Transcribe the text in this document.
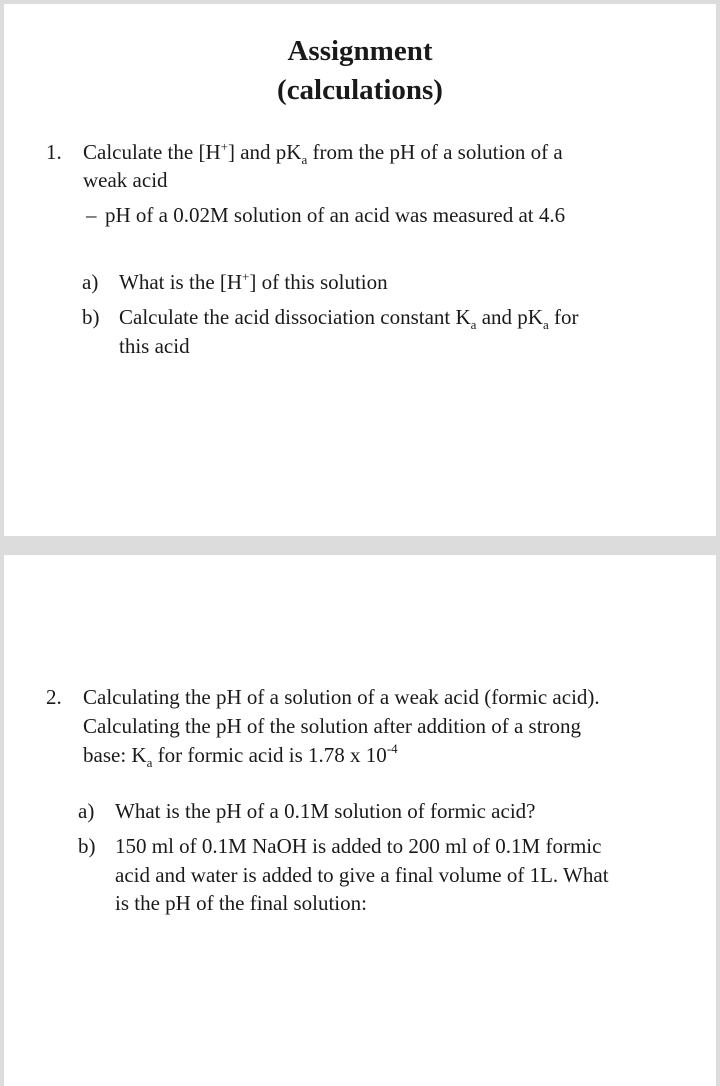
Assignment
(calculations)
1. Calculate the [H+] and $pK_a$ from the pH of a solution of a
weak acid
– pH of a 0.02M solution of an acid was measured at 4.6
a) What is the [H+] of this solution
b) Calculate the acid dissociation constant $K_a$ and $pK_a$ for
this acid
2. Calculating the pH of a solution of a weak acid (formic acid).
Calculating the pH of the solution after addition of a strong
base: $K_a$ for formic acid is 1.78 x $10^{-4}$
a) What is the pH of a 0.1M solution of formic acid?
b) 150 ml of 0.1M NaOH is added to 200 ml of 0.1M formic
acid and water is added to give a final volume of 1L. What
is the pH of the final solution:
